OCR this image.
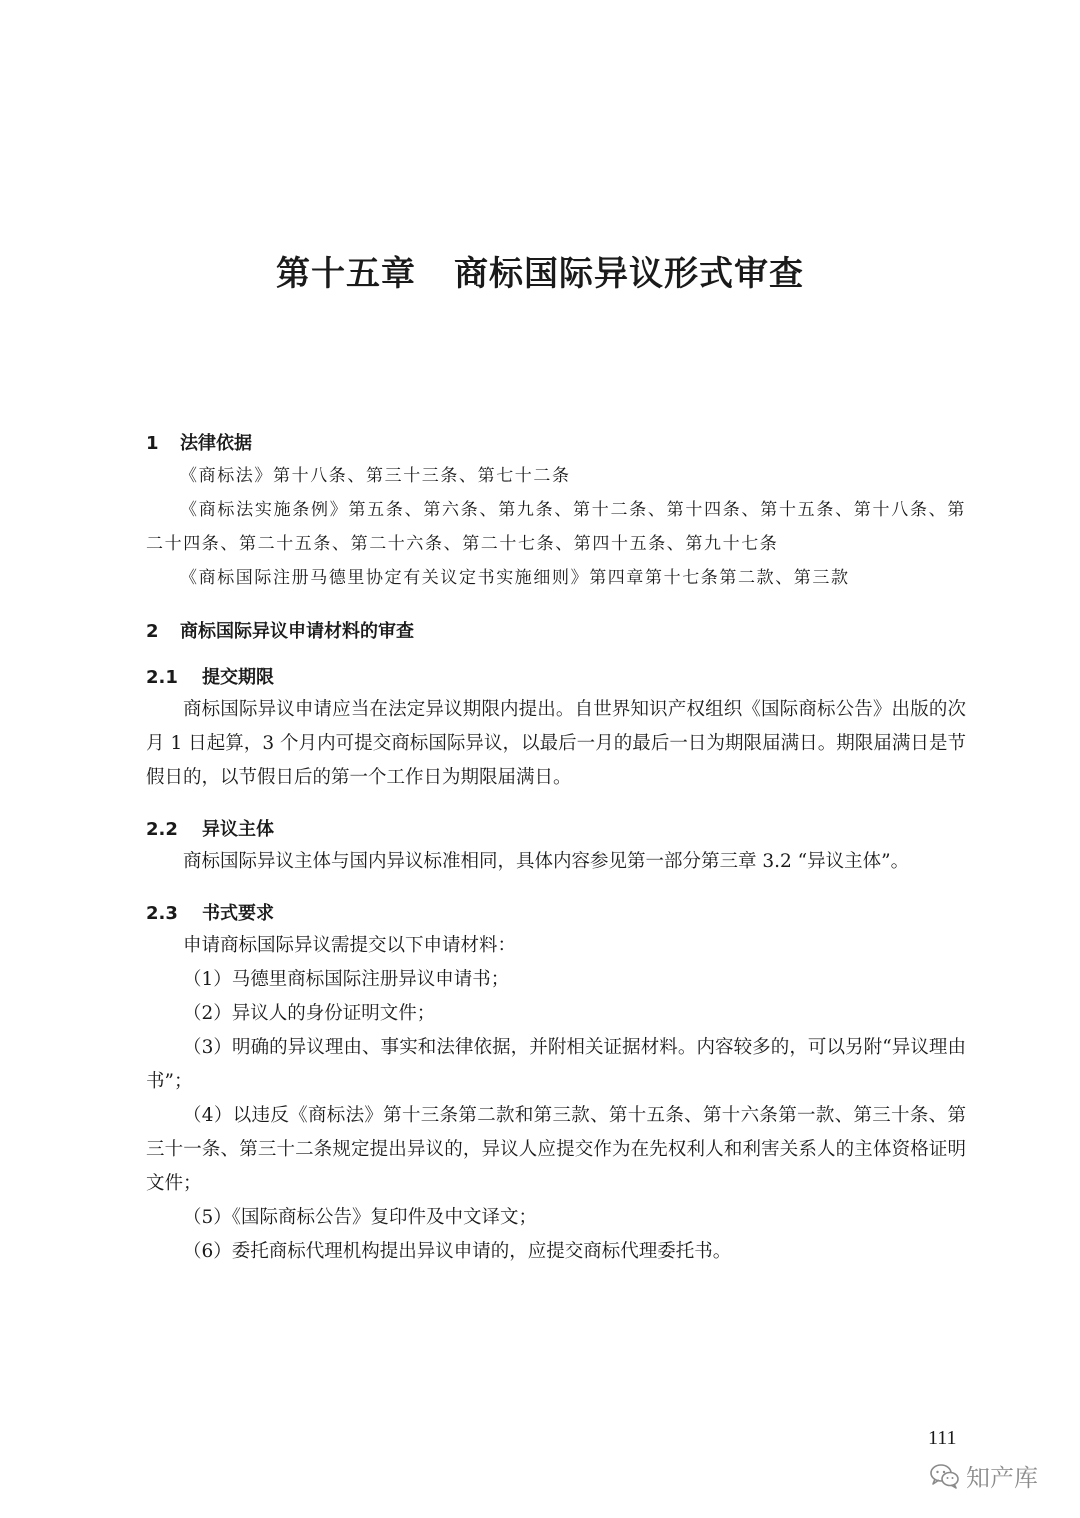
第十五章 商标国际异议形式审查
1 法律依据

《商标法》第十八条、第三十三条、第七十二条

《商标法实施条例》第五条、第六条、第九条、第十二条、第十四条、第十五条、第十八条、第二十四条、第二十五条、第二十六条、第二十七条、第四十五条、第九十七条

《商标国际注册马德里协定有关议定书实施细则》第四章第十七条第二款、第三款

2 商标国际异议申请材料的审查
2.1 提交期限

商标国际异议申请应当在法定异议期限内提出。自世界知识产权组织《国际商标公告》出版的次月 1 日起算，3 个月内可提交商标国际异议，以最后一月的最后一日为期限届满日。期限届满日是节假日的，以节假日后的第一个工作日为期限届满日。

2.2 异议主体

商标国际异议主体与国内异议标准相同，具体内容参见第一部分第三章 3.2 “异议主体”。

2.3 书式要求

申请商标国际异议需提交以下申请材料：

（1）马德里商标国际注册异议申请书；

（2）异议人的身份证明文件；

（3）明确的异议理由、事实和法律依据，并附相关证据材料。内容较多的，可以另附“异议理由书”；

（4）以违反《商标法》第十三条第二款和第三款、第十五条、第十六条第一款、第三十条、第三十一条、第三十二条规定提出异议的，异议人应提交作为在先权利人和利害关系人的主体资格证明文件；

（5）《国际商标公告》复印件及中文译文；

（6）委托商标代理机构提出异议申请的，应提交商标代理委托书。

111
知产库
